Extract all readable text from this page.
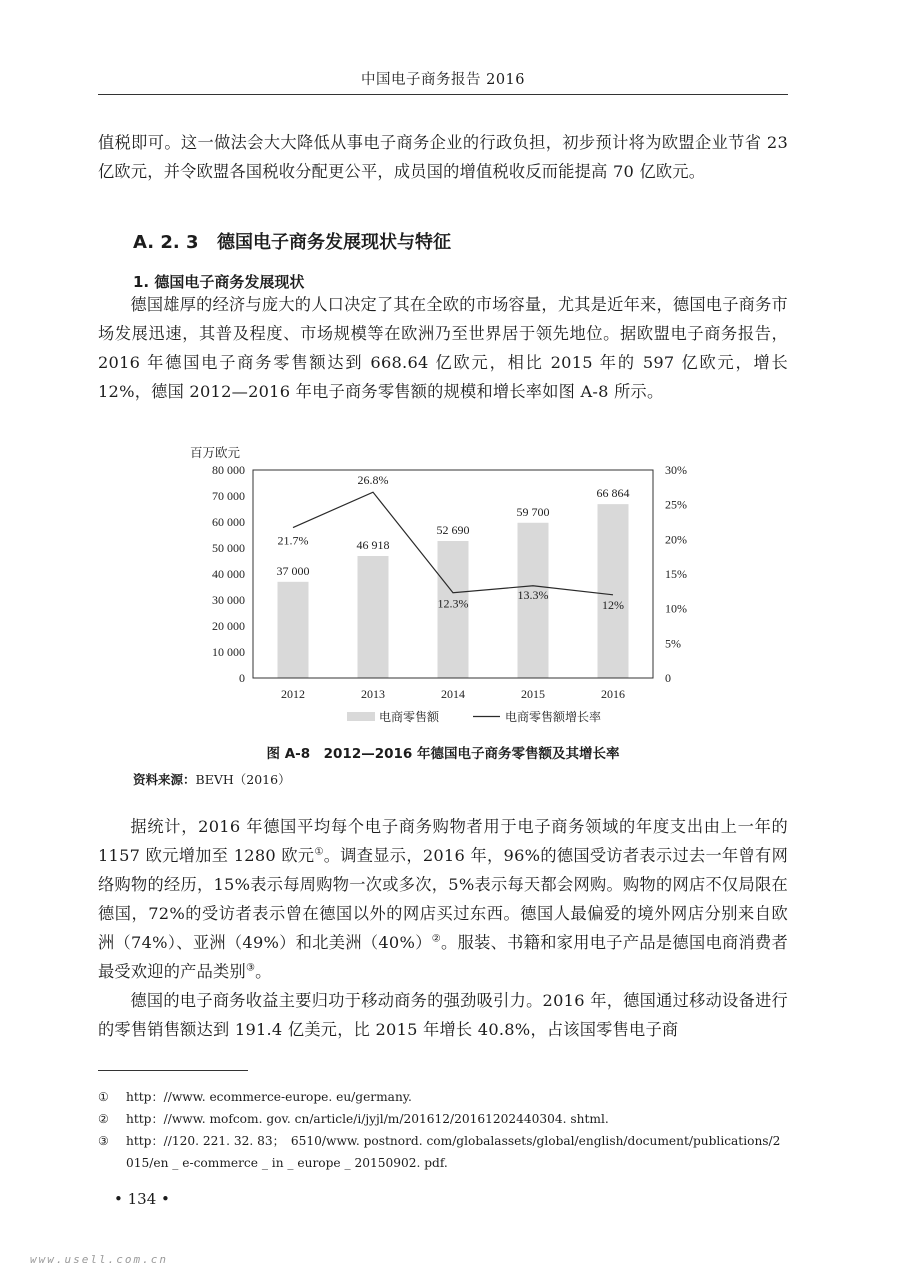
中国电子商务报告 2016
值税即可。这一做法会大大降低从事电子商务企业的行政负担，初步预计将为欧盟企业节省 23 亿欧元，并令欧盟各国税收分配更公平，成员国的增值税收反而能提高 70 亿欧元。
A. 2. 3 德国电子商务发展现状与特征
1. 德国电子商务发展现状
德国雄厚的经济与庞大的人口决定了其在全欧的市场容量，尤其是近年来，德国电子商务市场发展迅速，其普及程度、市场规模等在欧洲乃至世界居于领先地位。据欧盟电子商务报告，2016 年德国电子商务零售额达到 668.64 亿欧元，相比 2015 年的 597 亿欧元，增长 12%，德国 2012—2016 年电子商务零售额的规模和增长率如图 A-8 所示。
百万欧元
80 000
70 000
60 000
50 000
40 000
30 000
20 000
10 000
0
30%
25%
20%
15%
10%
5%
0
37 000
2012
46 918
2013
52 690
2014
59 700
2015
66 864
2016
21.7%
26.8%
12.3%
13.3%
12%
电商零售额	电商零售额增长率
图 A-8　2012—2016 年德国电子商务零售额及其增长率
资料来源：BEVH（2016）
据统计，2016 年德国平均每个电子商务购物者用于电子商务领域的年度支出由上一年的 1157 欧元增加至 1280 欧元①。调查显示，2016 年，96%的德国受访者表示过去一年曾有网络购物的经历，15%表示每周购物一次或多次，5%表示每天都会网购。购物的网店不仅局限在德国，72%的受访者表示曾在德国以外的网店买过东西。德国人最偏爱的境外网店分别来自欧洲（74%）、亚洲（49%）和北美洲（40%）②。服装、书籍和家用电子产品是德国电商消费者最受欢迎的产品类别③。
德国的电子商务收益主要归功于移动商务的强劲吸引力。2016 年，德国通过移动设备进行的零售销售额达到 191.4 亿美元，比 2015 年增长 40.8%，占该国零售电子商
①	http：//www. ecommerce-europe. eu/germany.
②	http：//www. mofcom. gov. cn/article/i/jyjl/m/201612/20161202440304. shtml.
③	http：//120. 221. 32. 83；　6510/www. postnord. com/globalassets/global/english/document/publications/2015/en _ e-commerce _ in _ europe _ 20150902. pdf.
• 134 •
www.usell.com.cn
